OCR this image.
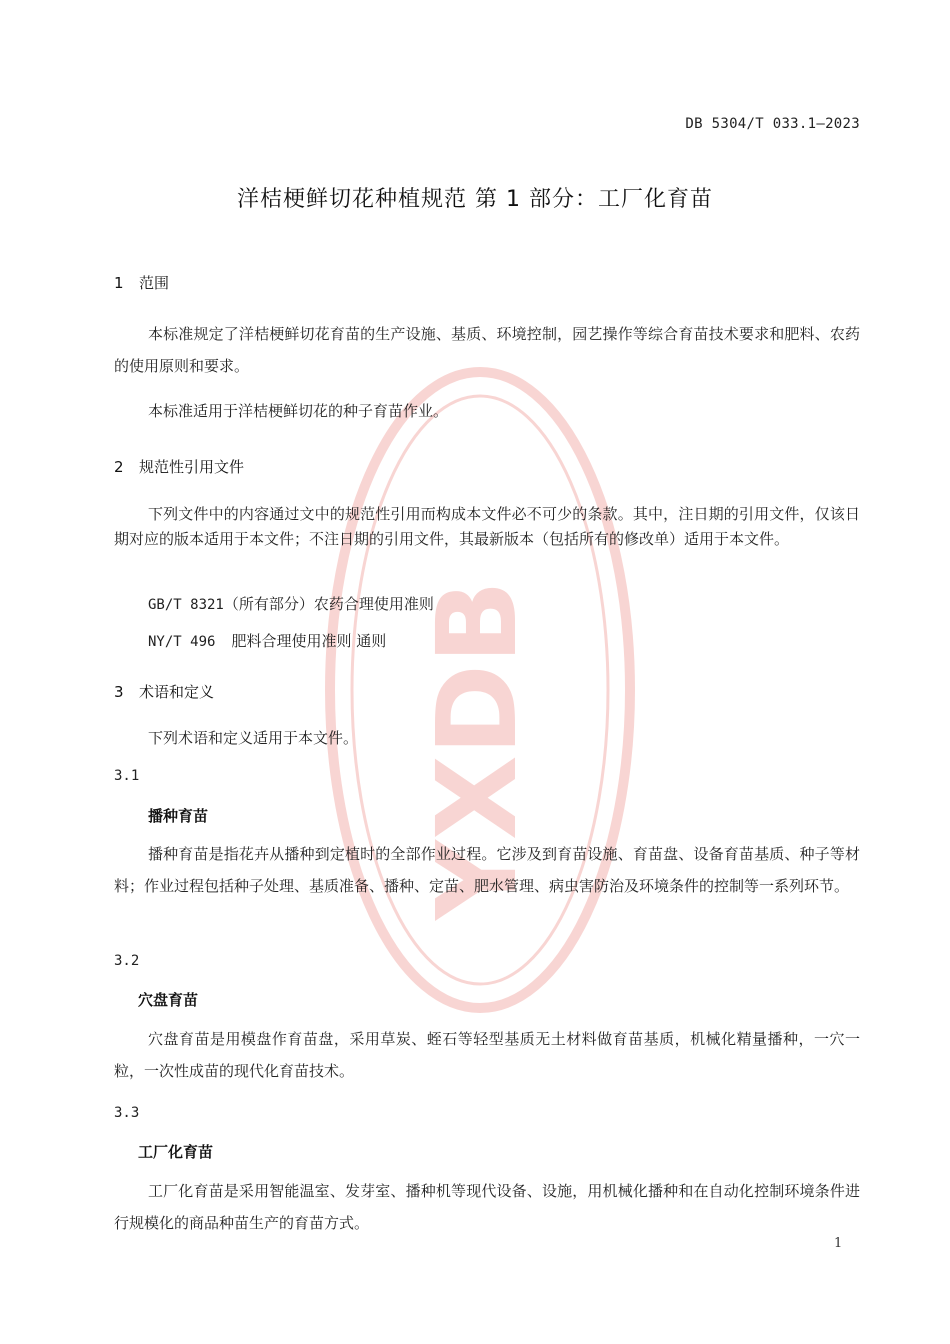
YXDB
DB 5304/T 033.1—2023
洋桔梗鲜切花种植规范 第 1 部分：工厂化育苗
1 范围
本标准规定了洋桔梗鲜切花育苗的生产设施、基质、环境控制，园艺操作等综合育苗技术要求和肥料、农药的使用原则和要求。
本标准适用于洋桔梗鲜切花的种子育苗作业。
2 规范性引用文件
下列文件中的内容通过文中的规范性引用而构成本文件必不可少的条款。其中，注日期的引用文件，仅该日期对应的版本适用于本文件；不注日期的引用文件，其最新版本（包括所有的修改单）适用于本文件。
GB/T 8321（所有部分）农药合理使用准则
NY/T 496 肥料合理使用准则 通则
3 术语和定义
下列术语和定义适用于本文件。
3.1
播种育苗
播种育苗是指花卉从播种到定植时的全部作业过程。它涉及到育苗设施、育苗盘、设备育苗基质、种子等材料；作业过程包括种子处理、基质准备、播种、定苗、肥水管理、病虫害防治及环境条件的控制等一系列环节。
3.2
穴盘育苗
穴盘育苗是用模盘作育苗盘，采用草炭、蛭石等轻型基质无土材料做育苗基质，机械化精量播种，一穴一粒，一次性成苗的现代化育苗技术。
3.3
工厂化育苗
工厂化育苗是采用智能温室、发芽室、播种机等现代设备、设施，用机械化播种和在自动化控制环境条件进行规模化的商品种苗生产的育苗方式。
1
